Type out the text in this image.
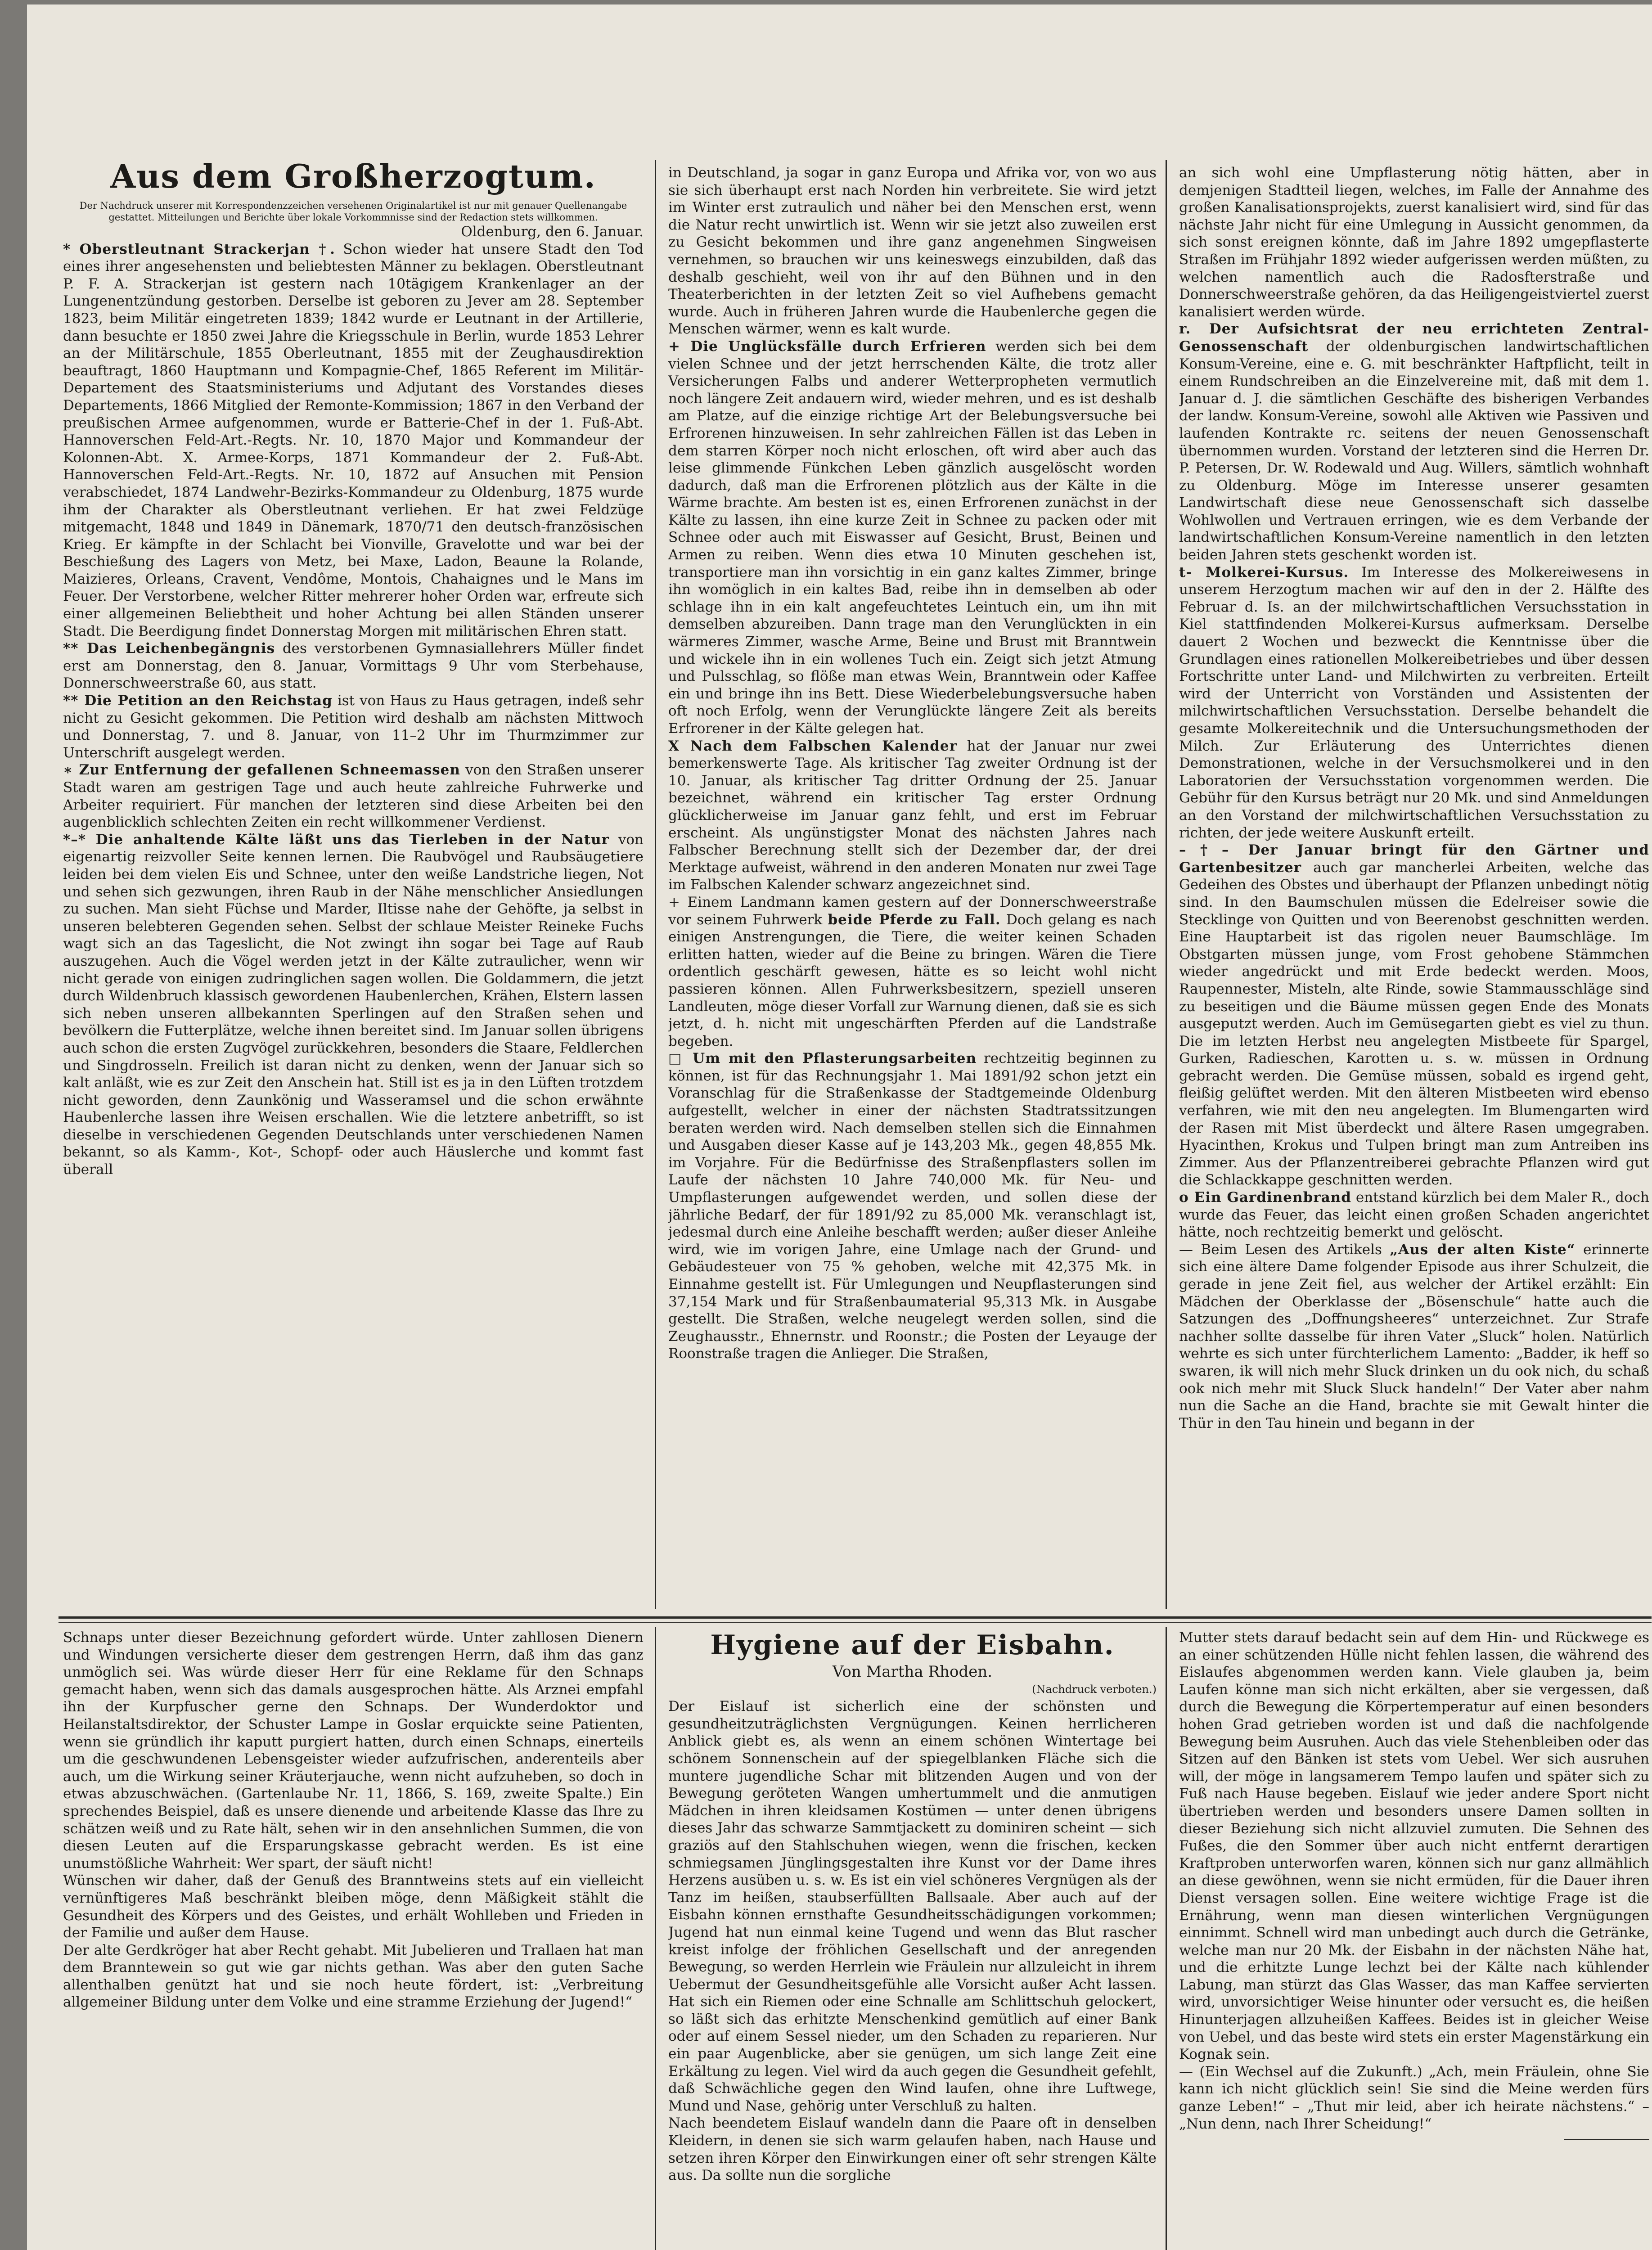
Aus dem Großherzogtum.

Der Nachdruck unserer mit Korrespondenzzeichen versehenen Originalartikel ist nur mit genauer Quellenangabe gestattet. Mitteilungen und Berichte über lokale Vorkommnisse sind der Redaction stets willkommen.

Oldenburg, den 6. Januar.

* Oberstleutnant Strackerjan †. Schon wieder hat unsere Stadt den Tod eines ihrer angesehensten und beliebtesten Männer zu beklagen. Oberstleutnant P. F. A. Strackerjan ist gestern nach 10tägigem Krankenlager an der Lungenentzündung gestorben. Derselbe ist geboren zu Jever am 28. September 1823, beim Militär eingetreten 1839; 1842 wurde er Leutnant in der Artillerie, dann besuchte er 1850 zwei Jahre die Kriegsschule in Berlin, wurde 1853 Lehrer an der Militärschule, 1855 Oberleutnant, 1855 mit der Zeughausdirektion beauftragt, 1860 Hauptmann und Kompagnie-Chef, 1865 Referent im Militär-Departement des Staatsministeriums und Adjutant des Vorstandes dieses Departements, 1866 Mitglied der Remonte-Kommission; 1867 in den Verband der preußischen Armee aufgenommen, wurde er Batterie-Chef in der 1. Fuß-Abt. Hannoverschen Feld-Art.-Regts. Nr. 10, 1870 Major und Kommandeur der Kolonnen-Abt. X. Armee-Korps, 1871 Kommandeur der 2. Fuß-Abt. Hannoverschen Feld-Art.-Regts. Nr. 10, 1872 auf Ansuchen mit Pension verabschiedet, 1874 Landwehr-Bezirks-Kommandeur zu Oldenburg, 1875 wurde ihm der Charakter als Oberstleutnant verliehen. Er hat zwei Feldzüge mitgemacht, 1848 und 1849 in Dänemark, 1870/71 den deutsch-französischen Krieg. Er kämpfte in der Schlacht bei Vionville, Gravelotte und war bei der Beschießung des Lagers von Metz, bei Maxe, Ladon, Beaune la Rolande, Maizieres, Orleans, Cravent, Vendôme, Montois, Chahaignes und le Mans im Feuer. Der Verstorbene, welcher Ritter mehrerer hoher Orden war, erfreute sich einer allgemeinen Beliebtheit und hoher Achtung bei allen Ständen unserer Stadt. Die Beerdigung findet Donnerstag Morgen mit militärischen Ehren statt.

** Das Leichenbegängnis des verstorbenen Gymnasiallehrers Müller findet erst am Donnerstag, den 8. Januar, Vormittags 9 Uhr vom Sterbehause, Donnerschweerstraße 60, aus statt.

** Die Petition an den Reichstag ist von Haus zu Haus getragen, indeß sehr nicht zu Gesicht gekommen. Die Petition wird deshalb am nächsten Mittwoch und Donnerstag, 7. und 8. Januar, von 11–2 Uhr im Thurmzimmer zur Unterschrift ausgelegt werden.

∗ Zur Entfernung der gefallenen Schneemassen von den Straßen unserer Stadt waren am gestrigen Tage und auch heute zahlreiche Fuhrwerke und Arbeiter requiriert. Für manchen der letzteren sind diese Arbeiten bei den augenblicklich schlechten Zeiten ein recht willkommener Verdienst.

*–* Die anhaltende Kälte läßt uns das Tierleben in der Natur von eigenartig reizvoller Seite kennen lernen. Die Raubvögel und Raubsäugetiere leiden bei dem vielen Eis und Schnee, unter den weiße Landstriche liegen, Not und sehen sich gezwungen, ihren Raub in der Nähe menschlicher Ansiedlungen zu suchen. Man sieht Füchse und Marder, Iltisse nahe der Gehöfte, ja selbst in unseren belebteren Gegenden sehen. Selbst der schlaue Meister Reineke Fuchs wagt sich an das Tageslicht, die Not zwingt ihn sogar bei Tage auf Raub auszugehen. Auch die Vögel werden jetzt in der Kälte zutraulicher, wenn wir nicht gerade von einigen zudringlichen sagen wollen. Die Goldammern, die jetzt durch Wildenbruch klassisch gewordenen Haubenlerchen, Krähen, Elstern lassen sich neben unseren allbekannten Sperlingen auf den Straßen sehen und bevölkern die Futterplätze, welche ihnen bereitet sind. Im Januar sollen übrigens auch schon die ersten Zugvögel zurückkehren, besonders die Staare, Feldlerchen und Singdrosseln. Freilich ist daran nicht zu denken, wenn der Januar sich so kalt anläßt, wie es zur Zeit den Anschein hat. Still ist es ja in den Lüften trotzdem nicht geworden, denn Zaunkönig und Wasseramsel und die schon erwähnte Haubenlerche lassen ihre Weisen erschallen. Wie die letztere anbetrifft, so ist dieselbe in verschiedenen Gegenden Deutschlands unter verschiedenen Namen bekannt, so als Kamm-, Kot-, Schopf- oder auch Häuslerche und kommt fast überall

in Deutschland, ja sogar in ganz Europa und Afrika vor, von wo aus sie sich überhaupt erst nach Norden hin verbreitete. Sie wird jetzt im Winter erst zutraulich und näher bei den Menschen erst, wenn die Natur recht unwirtlich ist. Wenn wir sie jetzt also zuweilen erst zu Gesicht bekommen und ihre ganz angenehmen Singweisen vernehmen, so brauchen wir uns keineswegs einzubilden, daß das deshalb geschieht, weil von ihr auf den Bühnen und in den Theaterberichten in der letzten Zeit so viel Aufhebens gemacht wurde. Auch in früheren Jahren wurde die Haubenlerche gegen die Menschen wärmer, wenn es kalt wurde.

+ Die Unglücksfälle durch Erfrieren werden sich bei dem vielen Schnee und der jetzt herrschenden Kälte, die trotz aller Versicherungen Falbs und anderer Wetterpropheten vermutlich noch längere Zeit andauern wird, wieder mehren, und es ist deshalb am Platze, auf die einzige richtige Art der Belebungsversuche bei Erfrorenen hinzuweisen. In sehr zahlreichen Fällen ist das Leben in dem starren Körper noch nicht erloschen, oft wird aber auch das leise glimmende Fünkchen Leben gänzlich ausgelöscht worden dadurch, daß man die Erfrorenen plötzlich aus der Kälte in die Wärme brachte. Am besten ist es, einen Erfrorenen zunächst in der Kälte zu lassen, ihn eine kurze Zeit in Schnee zu packen oder mit Schnee oder auch mit Eiswasser auf Gesicht, Brust, Beinen und Armen zu reiben. Wenn dies etwa 10 Minuten geschehen ist, transportiere man ihn vorsichtig in ein ganz kaltes Zimmer, bringe ihn womöglich in ein kaltes Bad, reibe ihn in demselben ab oder schlage ihn in ein kalt angefeuchtetes Leintuch ein, um ihn mit demselben abzureiben. Dann trage man den Verunglückten in ein wärmeres Zimmer, wasche Arme, Beine und Brust mit Branntwein und wickele ihn in ein wollenes Tuch ein. Zeigt sich jetzt Atmung und Pulsschlag, so flöße man etwas Wein, Branntwein oder Kaffee ein und bringe ihn ins Bett. Diese Wiederbelebungsversuche haben oft noch Erfolg, wenn der Verunglückte längere Zeit als bereits Erfrorener in der Kälte gelegen hat.

X Nach dem Falbschen Kalender hat der Januar nur zwei bemerkenswerte Tage. Als kritischer Tag zweiter Ordnung ist der 10. Januar, als kritischer Tag dritter Ordnung der 25. Januar bezeichnet, während ein kritischer Tag erster Ordnung glücklicherweise im Januar ganz fehlt, und erst im Februar erscheint. Als ungünstigster Monat des nächsten Jahres nach Falbscher Berechnung stellt sich der Dezember dar, der drei Merktage aufweist, während in den anderen Monaten nur zwei Tage im Falbschen Kalender schwarz angezeichnet sind.

+ Einem Landmann kamen gestern auf der Donnerschweerstraße vor seinem Fuhrwerk beide Pferde zu Fall. Doch gelang es nach einigen Anstrengungen, die Tiere, die weiter keinen Schaden erlitten hatten, wieder auf die Beine zu bringen. Wären die Tiere ordentlich geschärft gewesen, hätte es so leicht wohl nicht passieren können. Allen Fuhrwerksbesitzern, speziell unseren Landleuten, möge dieser Vorfall zur Warnung dienen, daß sie es sich jetzt, d. h. nicht mit ungeschärften Pferden auf die Landstraße begeben.

□ Um mit den Pflasterungsarbeiten rechtzeitig beginnen zu können, ist für das Rechnungsjahr 1. Mai 1891/92 schon jetzt ein Voranschlag für die Straßenkasse der Stadtgemeinde Oldenburg aufgestellt, welcher in einer der nächsten Stadtratssitzungen beraten werden wird. Nach demselben stellen sich die Einnahmen und Ausgaben dieser Kasse auf je 143,203 Mk., gegen 48,855 Mk. im Vorjahre. Für die Bedürfnisse des Straßenpflasters sollen im Laufe der nächsten 10 Jahre 740,000 Mk. für Neu- und Umpflasterungen aufgewendet werden, und sollen diese der jährliche Bedarf, der für 1891/92 zu 85,000 Mk. veranschlagt ist, jedesmal durch eine Anleihe beschafft werden; außer dieser Anleihe wird, wie im vorigen Jahre, eine Umlage nach der Grund- und Gebäudesteuer von 75 % gehoben, welche mit 42,375 Mk. in Einnahme gestellt ist. Für Umlegungen und Neupflasterungen sind 37,154 Mark und für Straßenbaumaterial 95,313 Mk. in Ausgabe gestellt. Die Straßen, welche neugelegt werden sollen, sind die Zeughausstr., Ehnernstr. und Roonstr.; die Posten der Leyauge der Roonstraße tragen die Anlieger. Die Straßen,

an sich wohl eine Umpflasterung nötig hätten, aber in demjenigen Stadtteil liegen, welches, im Falle der Annahme des großen Kanalisationsprojekts, zuerst kanalisiert wird, sind für das nächste Jahr nicht für eine Umlegung in Aussicht genommen, da sich sonst ereignen könnte, daß im Jahre 1892 umgepflasterte Straßen im Frühjahr 1892 wieder aufgerissen werden müßten, zu welchen namentlich auch die Radosfterstraße und Donnerschweerstraße gehören, da das Heiligengeistviertel zuerst kanalisiert werden würde.

r. Der Aufsichtsrat der neu errichteten Zentral-Genossenschaft der oldenburgischen landwirtschaftlichen Konsum-Vereine, eine e. G. mit beschränkter Haftpflicht, teilt in einem Rundschreiben an die Einzelvereine mit, daß mit dem 1. Januar d. J. die sämtlichen Geschäfte des bisherigen Verbandes der landw. Konsum-Vereine, sowohl alle Aktiven wie Passiven und laufenden Kontrakte rc. seitens der neuen Genossenschaft übernommen wurden. Vorstand der letzteren sind die Herren Dr. P. Petersen, Dr. W. Rodewald und Aug. Willers, sämtlich wohnhaft zu Oldenburg. Möge im Interesse unserer gesamten Landwirtschaft diese neue Genossenschaft sich dasselbe Wohlwollen und Vertrauen erringen, wie es dem Verbande der landwirtschaftlichen Konsum-Vereine namentlich in den letzten beiden Jahren stets geschenkt worden ist.

t- Molkerei-Kursus. Im Interesse des Molkereiwesens in unserem Herzogtum machen wir auf den in der 2. Hälfte des Februar d. Is. an der milchwirtschaftlichen Versuchsstation in Kiel stattfindenden Molkerei-Kursus aufmerksam. Derselbe dauert 2 Wochen und bezweckt die Kenntnisse über die Grundlagen eines rationellen Molkereibetriebes und über dessen Fortschritte unter Land- und Milchwirten zu verbreiten. Erteilt wird der Unterricht von Vorständen und Assistenten der milchwirtschaftlichen Versuchsstation. Derselbe behandelt die gesamte Molkereitechnik und die Untersuchungsmethoden der Milch. Zur Erläuterung des Unterrichtes dienen Demonstrationen, welche in der Versuchsmolkerei und in den Laboratorien der Versuchsstation vorgenommen werden. Die Gebühr für den Kursus beträgt nur 20 Mk. und sind Anmeldungen an den Vorstand der milchwirtschaftlichen Versuchsstation zu richten, der jede weitere Auskunft erteilt.

–†– Der Januar bringt für den Gärtner und Gartenbesitzer auch gar mancherlei Arbeiten, welche das Gedeihen des Obstes und überhaupt der Pflanzen unbedingt nötig sind. In den Baumschulen müssen die Edelreiser sowie die Stecklinge von Quitten und von Beerenobst geschnitten werden. Eine Hauptarbeit ist das rigolen neuer Baumschläge. Im Obstgarten müssen junge, vom Frost gehobene Stämmchen wieder angedrückt und mit Erde bedeckt werden. Moos, Raupennester, Misteln, alte Rinde, sowie Stammausschläge sind zu beseitigen und die Bäume müssen gegen Ende des Monats ausgeputzt werden. Auch im Gemüsegarten giebt es viel zu thun. Die im letzten Herbst neu angelegten Mistbeete für Spargel, Gurken, Radieschen, Karotten u. s. w. müssen in Ordnung gebracht werden. Die Gemüse müssen, sobald es irgend geht, fleißig gelüftet werden. Mit den älteren Mistbeeten wird ebenso verfahren, wie mit den neu angelegten. Im Blumengarten wird der Rasen mit Mist überdeckt und ältere Rasen umgegraben. Hyacinthen, Krokus und Tulpen bringt man zum Antreiben ins Zimmer. Aus der Pflanzentreiberei gebrachte Pflanzen wird gut die Schlackkappe geschnitten werden.

o Ein Gardinenbrand entstand kürzlich bei dem Maler R., doch wurde das Feuer, das leicht einen großen Schaden angerichtet hätte, noch rechtzeitig bemerkt und gelöscht.

— Beim Lesen des Artikels „Aus der alten Kiste“ erinnerte sich eine ältere Dame folgender Episode aus ihrer Schulzeit, die gerade in jene Zeit fiel, aus welcher der Artikel erzählt: Ein Mädchen der Oberklasse der „Bösenschule“ hatte auch die Satzungen des „Doffnungsheeres“ unterzeichnet. Zur Strafe nachher sollte dasselbe für ihren Vater „Sluck“ holen. Natürlich wehrte es sich unter fürchterlichem Lamento: „Badder, ik heff so swaren, ik will nich mehr Sluck drinken un du ook nich, du schaß ook nich mehr mit Sluck Sluck handeln!“ Der Vater aber nahm nun die Sache an die Hand, brachte sie mit Gewalt hinter die Thür in den Tau hinein und begann in der

Schnaps unter dieser Bezeichnung gefordert würde. Unter zahllosen Dienern und Windungen versicherte dieser dem gestrengen Herrn, daß ihm das ganz unmöglich sei. Was würde dieser Herr für eine Reklame für den Schnaps gemacht haben, wenn sich das damals ausgesprochen hätte. Als Arznei empfahl ihn der Kurpfuscher gerne den Schnaps. Der Wunderdoktor und Heilanstaltsdirektor, der Schuster Lampe in Goslar erquickte seine Patienten, wenn sie gründlich ihr kaputt purgiert hatten, durch einen Schnaps, einerteils um die geschwundenen Lebensgeister wieder aufzufrischen, anderenteils aber auch, um die Wirkung seiner Kräuterjauche, wenn nicht aufzuheben, so doch in etwas abzuschwächen. (Gartenlaube Nr. 11, 1866, S. 169, zweite Spalte.) Ein sprechendes Beispiel, daß es unsere dienende und arbeitende Klasse das Ihre zu schätzen weiß und zu Rate hält, sehen wir in den ansehnlichen Summen, die von diesen Leuten auf die Ersparungskasse gebracht werden. Es ist eine unumstößliche Wahrheit: Wer spart, der säuft nicht!

Wünschen wir daher, daß der Genuß des Branntweins stets auf ein vielleicht vernünftigeres Maß beschränkt bleiben möge, denn Mäßigkeit stählt die Gesundheit des Körpers und des Geistes, und erhält Wohlleben und Frieden in der Familie und außer dem Hause.

Der alte Gerdkröger hat aber Recht gehabt. Mit Jubelieren und Trallaen hat man dem Branntewein so gut wie gar nichts gethan. Was aber den guten Sache allenthalben genützt hat und sie noch heute fördert, ist: „Verbreitung allgemeiner Bildung unter dem Volke und eine stramme Erziehung der Jugend!“

Hygiene auf der Eisbahn.

Von Martha Rhoden.

(Nachdruck verboten.)

Der Eislauf ist sicherlich eine der schönsten und gesundheitzuträglichsten Vergnügungen. Keinen herrlicheren Anblick giebt es, als wenn an einem schönen Wintertage bei schönem Sonnenschein auf der spiegelblanken Fläche sich die muntere jugendliche Schar mit blitzenden Augen und von der Bewegung geröteten Wangen umhertummelt und die anmutigen Mädchen in ihren kleidsamen Kostümen — unter denen übrigens dieses Jahr das schwarze Sammtjackett zu dominiren scheint — sich graziös auf den Stahlschuhen wiegen, wenn die frischen, kecken schmiegsamen Jünglingsgestalten ihre Kunst vor der Dame ihres Herzens ausüben u. s. w. Es ist ein viel schöneres Vergnügen als der Tanz im heißen, staubserfüllten Ballsaale. Aber auch auf der Eisbahn können ernsthafte Gesundheitsschädigungen vorkommen; Jugend hat nun einmal keine Tugend und wenn das Blut rascher kreist infolge der fröhlichen Gesellschaft und der anregenden Bewegung, so werden Herrlein wie Fräulein nur allzuleicht in ihrem Uebermut der Gesundheitsgefühle alle Vorsicht außer Acht lassen. Hat sich ein Riemen oder eine Schnalle am Schlittschuh gelockert, so läßt sich das erhitzte Menschenkind gemütlich auf einer Bank oder auf einem Sessel nieder, um den Schaden zu reparieren. Nur ein paar Augenblicke, aber sie genügen, um sich lange Zeit eine Erkältung zu legen. Viel wird da auch gegen die Gesundheit gefehlt, daß Schwächliche gegen den Wind laufen, ohne ihre Luftwege, Mund und Nase, gehörig unter Verschluß zu halten.

Nach beendetem Eislauf wandeln dann die Paare oft in denselben Kleidern, in denen sie sich warm gelaufen haben, nach Hause und setzen ihren Körper den Einwirkungen einer oft sehr strengen Kälte aus. Da sollte nun die sorgliche

Mutter stets darauf bedacht sein auf dem Hin- und Rückwege es an einer schützenden Hülle nicht fehlen lassen, die während des Eislaufes abgenommen werden kann. Viele glauben ja, beim Laufen könne man sich nicht erkälten, aber sie vergessen, daß durch die Bewegung die Körpertemperatur auf einen besonders hohen Grad getrieben worden ist und daß die nachfolgende Bewegung beim Ausruhen. Auch das viele Stehenbleiben oder das Sitzen auf den Bänken ist stets vom Uebel. Wer sich ausruhen will, der möge in langsamerem Tempo laufen und später sich zu Fuß nach Hause begeben. Eislauf wie jeder andere Sport nicht übertrieben werden und besonders unsere Damen sollten in dieser Beziehung sich nicht allzuviel zumuten. Die Sehnen des Fußes, die den Sommer über auch nicht entfernt derartigen Kraftproben unterworfen waren, können sich nur ganz allmählich an diese gewöhnen, wenn sie nicht ermüden, für die Dauer ihren Dienst versagen sollen. Eine weitere wichtige Frage ist die Ernährung, wenn man diesen winterlichen Vergnügungen einnimmt. Schnell wird man unbedingt auch durch die Getränke, welche man nur 20 Mk. der Eisbahn in der nächsten Nähe hat, und die erhitzte Lunge lechzt bei der Kälte nach kühlender Labung, man stürzt das Glas Wasser, das man Kaffee servierten wird, unvorsichtiger Weise hinunter oder versucht es, die heißen Hinunterjagen allzuheißen Kaffees. Beides ist in gleicher Weise von Uebel, und das beste wird stets ein erster Magenstärkung ein Kognak sein.

— (Ein Wechsel auf die Zukunft.) „Ach, mein Fräulein, ohne Sie kann ich nicht glücklich sein! Sie sind die Meine werden fürs ganze Leben!“ – „Thut mir leid, aber ich heirate nächstens.“ – „Nun denn, nach Ihrer Scheidung!“
